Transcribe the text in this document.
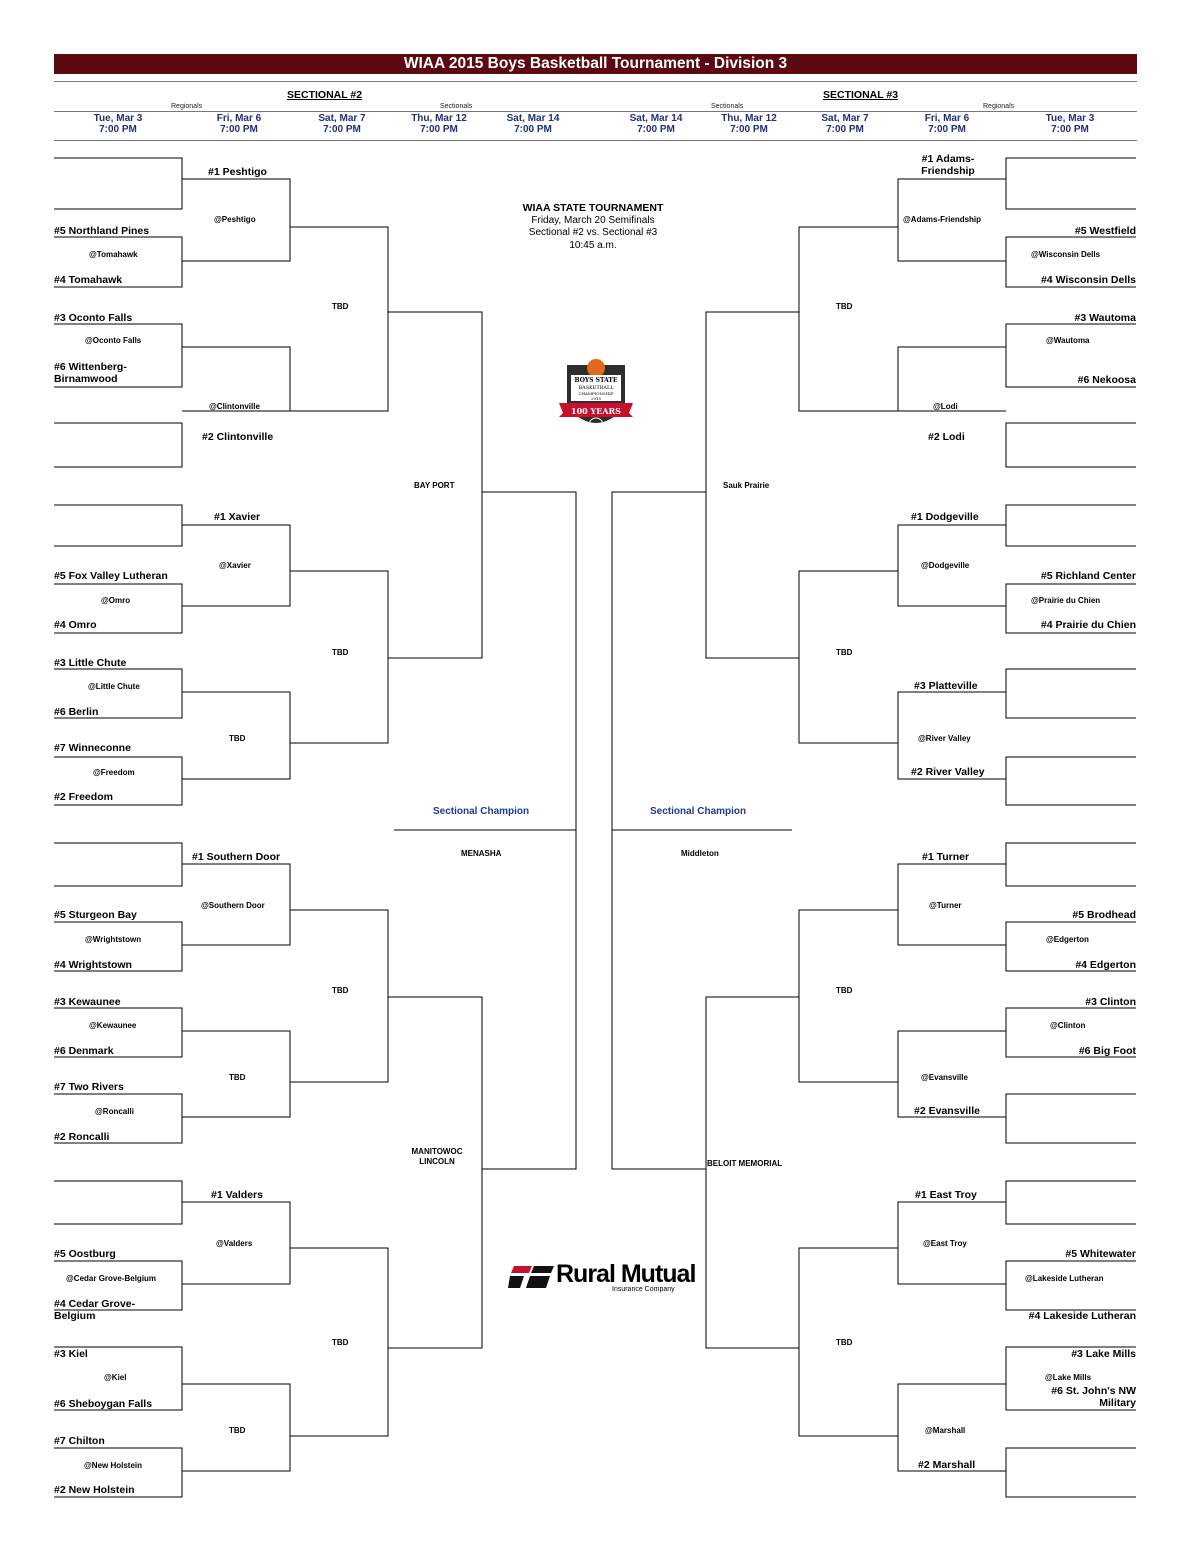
WIAA 2015 Boys Basketball Tournament - Division 3
SECTIONAL #2	SECTIONAL #3
Regionals	Sectionals	Sectionals	Regionals
Tue, Mar 3
7:00 PM
Fri, Mar 6
7:00 PM
Sat, Mar 7
7:00 PM
Thu, Mar 12
7:00 PM
Sat, Mar 14
7:00 PM
Sat, Mar 14
7:00 PM
Thu, Mar 12
7:00 PM
Sat, Mar 7
7:00 PM
Fri, Mar 6
7:00 PM
Tue, Mar 3
7:00 PM
#1 Peshtigo
@Peshtigo
#5 Northland Pines
@Tomahawk
#4 Tomahawk
TBD
#3 Oconto Falls
@Oconto Falls
#6 Wittenberg-
Birnamwood
@Clintonville
#2 Clintonville
BAY PORT
#1 Xavier
@Xavier
#5 Fox Valley Lutheran
@Omro
#4 Omro
TBD
#3 Little Chute
@Little Chute
#6 Berlin
TBD
#7 Winneconne
@Freedom
#2 Freedom
Sectional Champion
MENASHA
#1 Southern Door
@Southern Door
#5 Sturgeon Bay
@Wrightstown
#4 Wrightstown
TBD
#3 Kewaunee
@Kewaunee
#6 Denmark
TBD
#7 Two Rivers
@Roncalli
#2 Roncalli
MANITOWOC
LINCOLN
#1 Valders
@Valders
#5 Oostburg
@Cedar Grove-Belgium
#4 Cedar Grove-
Belgium
TBD
#3 Kiel
@Kiel
#6 Sheboygan Falls
TBD
#7 Chilton
@New Holstein
#2 New Holstein
WIAA STATE TOURNAMENT
Friday, March 20 Semifinals
Sectional #2 vs. Sectional #3
10:45 a.m.
BOYS STATE
BASKETBALL
CHAMPIONSHIP
2015
100 YEARS
Rural Mutual
Insurance Company
#1 Adams-
Friendship
@Adams-Friendship
#5 Westfield
@Wisconsin Dells
#4 Wisconsin Dells
TBD
#3 Wautoma
@Wautoma
#6 Nekoosa
@Lodi
#2 Lodi
Sauk Prairie
#1 Dodgeville
@Dodgeville
#5 Richland Center
@Prairie du Chien
#4 Prairie du Chien
TBD
#3 Platteville
@River Valley
#2 River Valley
Sectional Champion
Middleton	#1 Turner
@Turner
#5 Brodhead
@Edgerton
#4 Edgerton
TBD
#3 Clinton
@Clinton
#6 Big Foot
@Evansville
#2 Evansville
BELOIT MEMORIAL
#1 East Troy
@East Troy
#5 Whitewater
@Lakeside Lutheran
#4 Lakeside Lutheran
TBD
#3 Lake Mills
@Lake Mills
#6 St. John's NW
Military
@Marshall
#2 Marshall
